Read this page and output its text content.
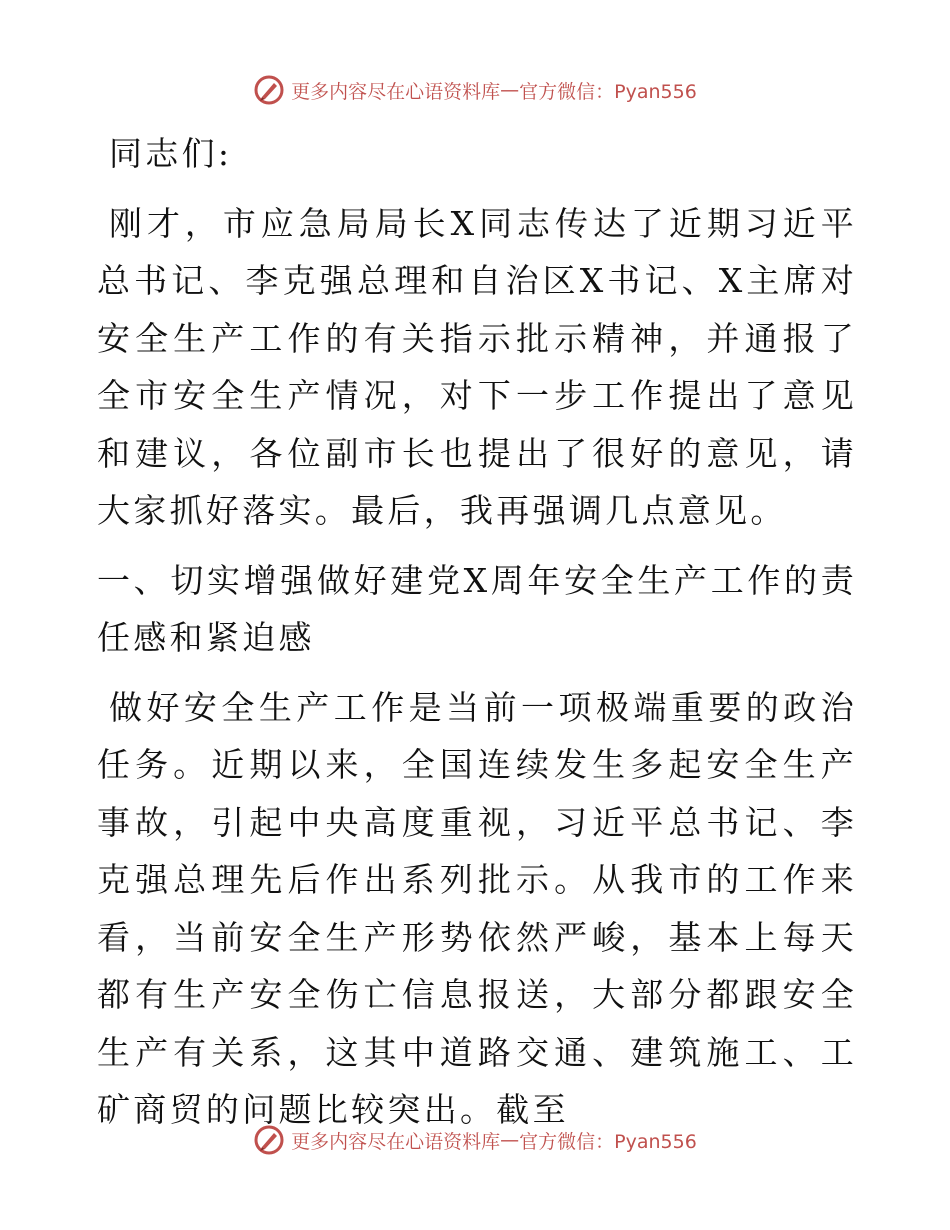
更多内容尽在心语资料库 — 官方微信：Pyan556

同志们:

刚才，市应急局局长X同志传达了近期习近平总书记、李克强总理和自治区X书记、X主席对安全生产工作的有关指示批示精神，并通报了全市安全生产情况，对下一步工作提出了意见和建议，各位副市长也提出了很好的意见，请大家抓好落实。最后，我再强调几点意见。

一、切实增强做好建党X周年安全生产工作的责任感和紧迫感

做好安全生产工作是当前一项极端重要的政治任务。近期以来，全国连续发生多起安全生产事故，引起中央高度重视，习近平总书记、李克强总理先后作出系列批示。从我市的工作来看，当前安全生产形势依然严峻，基本上每天都有生产安全伤亡信息报送，大部分都跟安全生产有关系，这其中道路交通、建筑施工、工矿商贸的问题比较突出。截至

更多内容尽在心语资料库 — 官方微信：Pyan556
